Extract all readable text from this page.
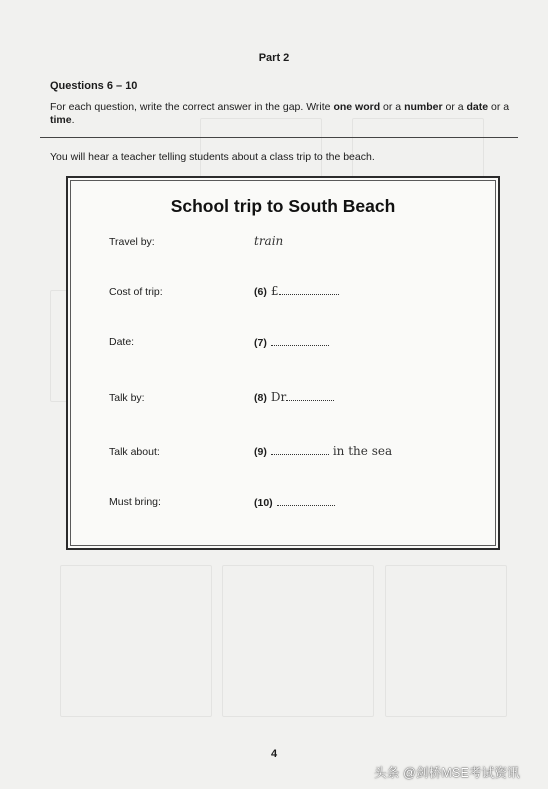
Part 2
Questions 6 – 10
For each question, write the correct answer in the gap. Write one word or a number or a date or a time.
You will hear a teacher telling students about a class trip to the beach.
School trip to South Beach
Travel by:	train
Cost of trip:	(6) £
Date:	(7)
Talk by:	(8) Dr
Talk about:	(9)	in the sea
Must bring:	(10)
4
头条 @剑桥MSE考试资讯
